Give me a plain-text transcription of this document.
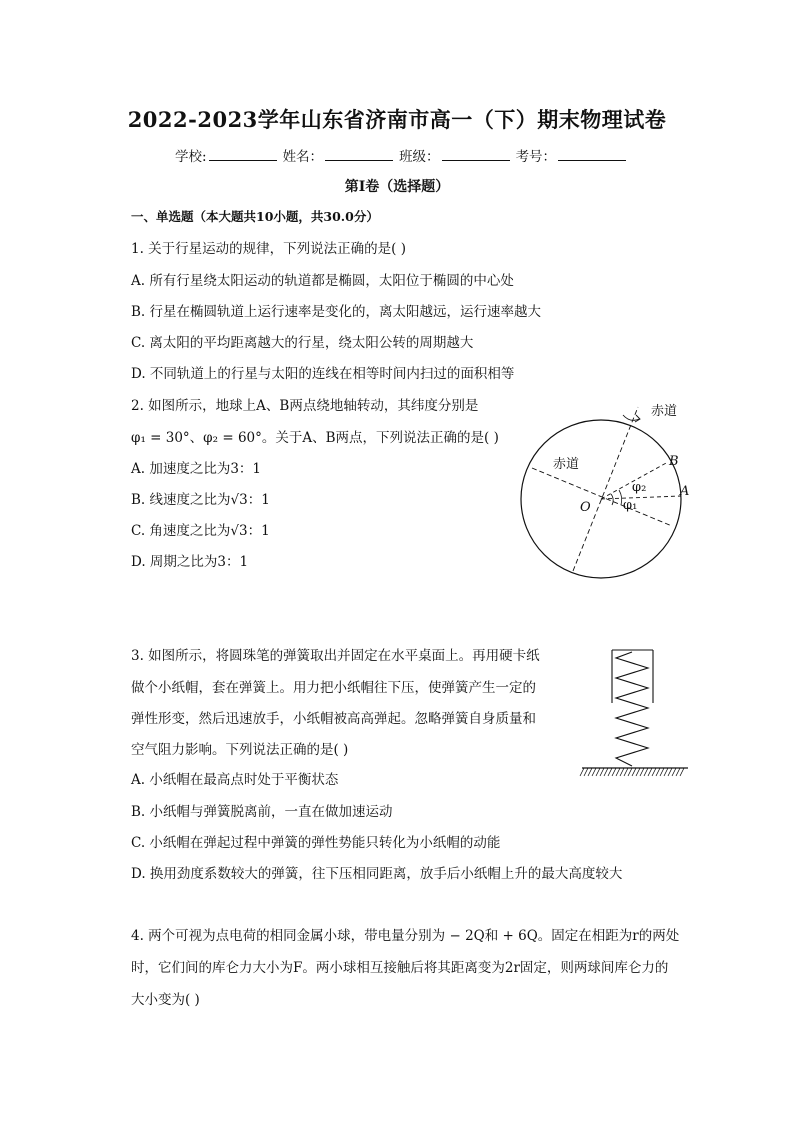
2022-2023学年山东省济南市高一（下）期末物理试卷
学校:	姓名：	班级：	考号：
第Ⅰ卷（选择题）
一、单选题（本大题共10小题，共30.0分）
1. 关于行星运动的规律，下列说法正确的是( )
A. 所有行星绕太阳运动的轨道都是椭圆，太阳位于椭圆的中心处
B. 行星在椭圆轨道上运行速率是变化的，离太阳越远，运行速率越大
C. 离太阳的平均距离越大的行星，绕太阳公转的周期越大
D. 不同轨道上的行星与太阳的连线在相等时间内扫过的面积相等
2. 如图所示，地球上A、B两点绕地轴转动，其纬度分别是
φ₁ = 30°、φ₂ = 60°。关于A、B两点，下列说法正确的是( )
A. 加速度之比为3：1
B. 线速度之比为√3：1
C. 角速度之比为√3：1
D. 周期之比为3：1
赤道
赤道	B
A
O
φ₂
φ₁
3. 如图所示，将圆珠笔的弹簧取出并固定在水平桌面上。再用硬卡纸
做个小纸帽，套在弹簧上。用力把小纸帽往下压，使弹簧产生一定的
弹性形变，然后迅速放手，小纸帽被高高弹起。忽略弹簧自身质量和
空气阻力影响。下列说法正确的是( )
A. 小纸帽在最高点时处于平衡状态
B. 小纸帽与弹簧脱离前，一直在做加速运动
C. 小纸帽在弹起过程中弹簧的弹性势能只转化为小纸帽的动能
D. 换用劲度系数较大的弹簧，往下压相同距离，放手后小纸帽上升的最大高度较大
4. 两个可视为点电荷的相同金属小球，带电量分别为 − 2Q和 + 6Q。固定在相距为r的两处
时，它们间的库仑力大小为F。两小球相互接触后将其距离变为2r固定，则两球间库仑力的
大小变为( )
